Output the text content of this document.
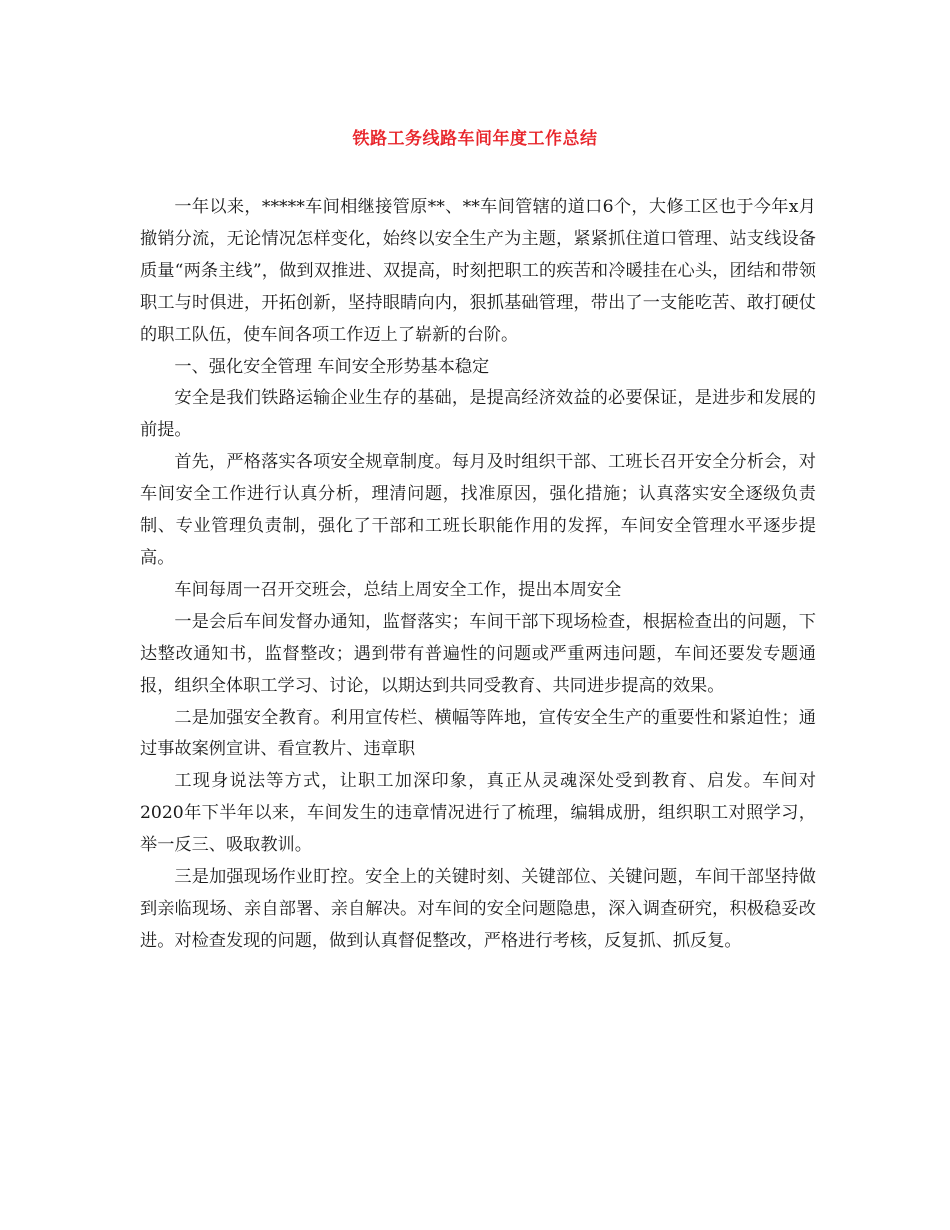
铁路工务线路车间年度工作总结

一年以来，*****车间相继接管原**、**车间管辖的道口6个，大修工区也于今年x月撤销分流，无论情况怎样变化，始终以安全生产为主题，紧紧抓住道口管理、站支线设备质量“两条主线”，做到双推进、双提高，时刻把职工的疾苦和冷暖挂在心头，团结和带领职工与时俱进，开拓创新，坚持眼睛向内，狠抓基础管理，带出了一支能吃苦、敢打硬仗的职工队伍，使车间各项工作迈上了崭新的台阶。

一、强化安全管理 车间安全形势基本稳定

安全是我们铁路运输企业生存的基础，是提高经济效益的必要保证，是进步和发展的前提。

首先，严格落实各项安全规章制度。每月及时组织干部、工班长召开安全分析会，对车间安全工作进行认真分析，理清问题，找准原因，强化措施；认真落实安全逐级负责制、专业管理负责制，强化了干部和工班长职能作用的发挥，车间安全管理水平逐步提高。

车间每周一召开交班会，总结上周安全工作，提出本周安全

一是会后车间发督办通知，监督落实；车间干部下现场检查，根据检查出的问题，下达整改通知书，监督整改；遇到带有普遍性的问题或严重两违问题，车间还要发专题通报，组织全体职工学习、讨论，以期达到共同受教育、共同进步提高的效果。

二是加强安全教育。利用宣传栏、横幅等阵地，宣传安全生产的重要性和紧迫性；通过事故案例宣讲、看宣教片、违章职

工现身说法等方式，让职工加深印象，真正从灵魂深处受到教育、启发。车间对2020年下半年以来，车间发生的违章情况进行了梳理，编辑成册，组织职工对照学习，举一反三、吸取教训。

三是加强现场作业盯控。安全上的关键时刻、关键部位、关键问题，车间干部坚持做到亲临现场、亲自部署、亲自解决。对车间的安全问题隐患，深入调查研究，积极稳妥改进。对检查发现的问题，做到认真督促整改，严格进行考核，反复抓、抓反复。
